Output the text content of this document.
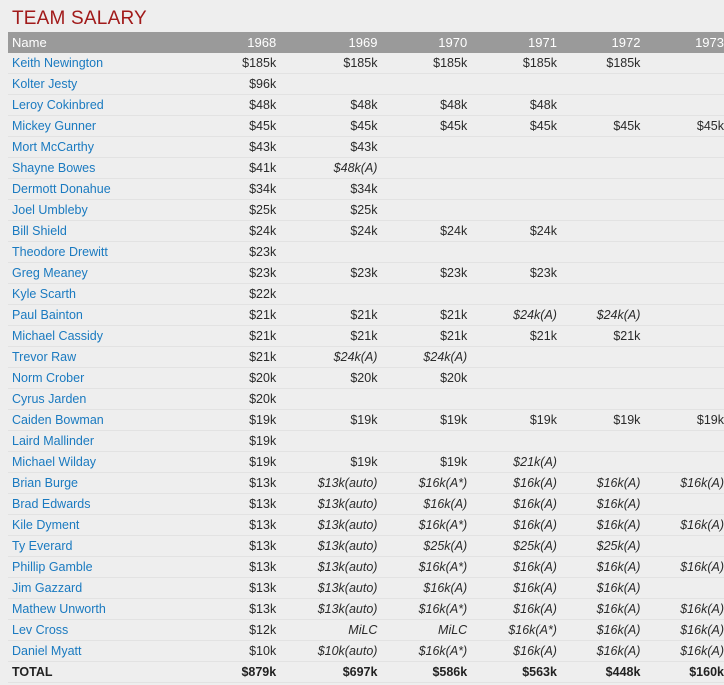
TEAM SALARY
Name	1968	1969	1970	1971	1972	1973
Keith Newington	$185k	$185k	$185k	$185k	$185k	
Kolter Jesty	$96k					
Leroy Cokinbred	$48k	$48k	$48k	$48k		
Mickey Gunner	$45k	$45k	$45k	$45k	$45k	$45k
Mort McCarthy	$43k	$43k				
Shayne Bowes	$41k	$48k(A)				
Dermott Donahue	$34k	$34k				
Joel Umbleby	$25k	$25k				
Bill Shield	$24k	$24k	$24k	$24k		
Theodore Drewitt	$23k					
Greg Meaney	$23k	$23k	$23k	$23k		
Kyle Scarth	$22k					
Paul Bainton	$21k	$21k	$21k	$24k(A)	$24k(A)	
Michael Cassidy	$21k	$21k	$21k	$21k	$21k	
Trevor Raw	$21k	$24k(A)	$24k(A)			
Norm Crober	$20k	$20k	$20k			
Cyrus Jarden	$20k					
Caiden Bowman	$19k	$19k	$19k	$19k	$19k	$19k
Laird Mallinder	$19k					
Michael Wilday	$19k	$19k	$19k	$21k(A)		
Brian Burge	$13k	$13k(auto)	$16k(A*)	$16k(A)	$16k(A)	$16k(A)
Brad Edwards	$13k	$13k(auto)	$16k(A)	$16k(A)	$16k(A)	
Kile Dyment	$13k	$13k(auto)	$16k(A*)	$16k(A)	$16k(A)	$16k(A)
Ty Everard	$13k	$13k(auto)	$25k(A)	$25k(A)	$25k(A)	
Phillip Gamble	$13k	$13k(auto)	$16k(A*)	$16k(A)	$16k(A)	$16k(A)
Jim Gazzard	$13k	$13k(auto)	$16k(A)	$16k(A)	$16k(A)	
Mathew Unworth	$13k	$13k(auto)	$16k(A*)	$16k(A)	$16k(A)	$16k(A)
Lev Cross	$12k	MiLC	MiLC	$16k(A*)	$16k(A)	$16k(A)
Daniel Myatt	$10k	$10k(auto)	$16k(A*)	$16k(A)	$16k(A)	$16k(A)
TOTAL	$879k	$697k	$586k	$563k	$448k	$160k
